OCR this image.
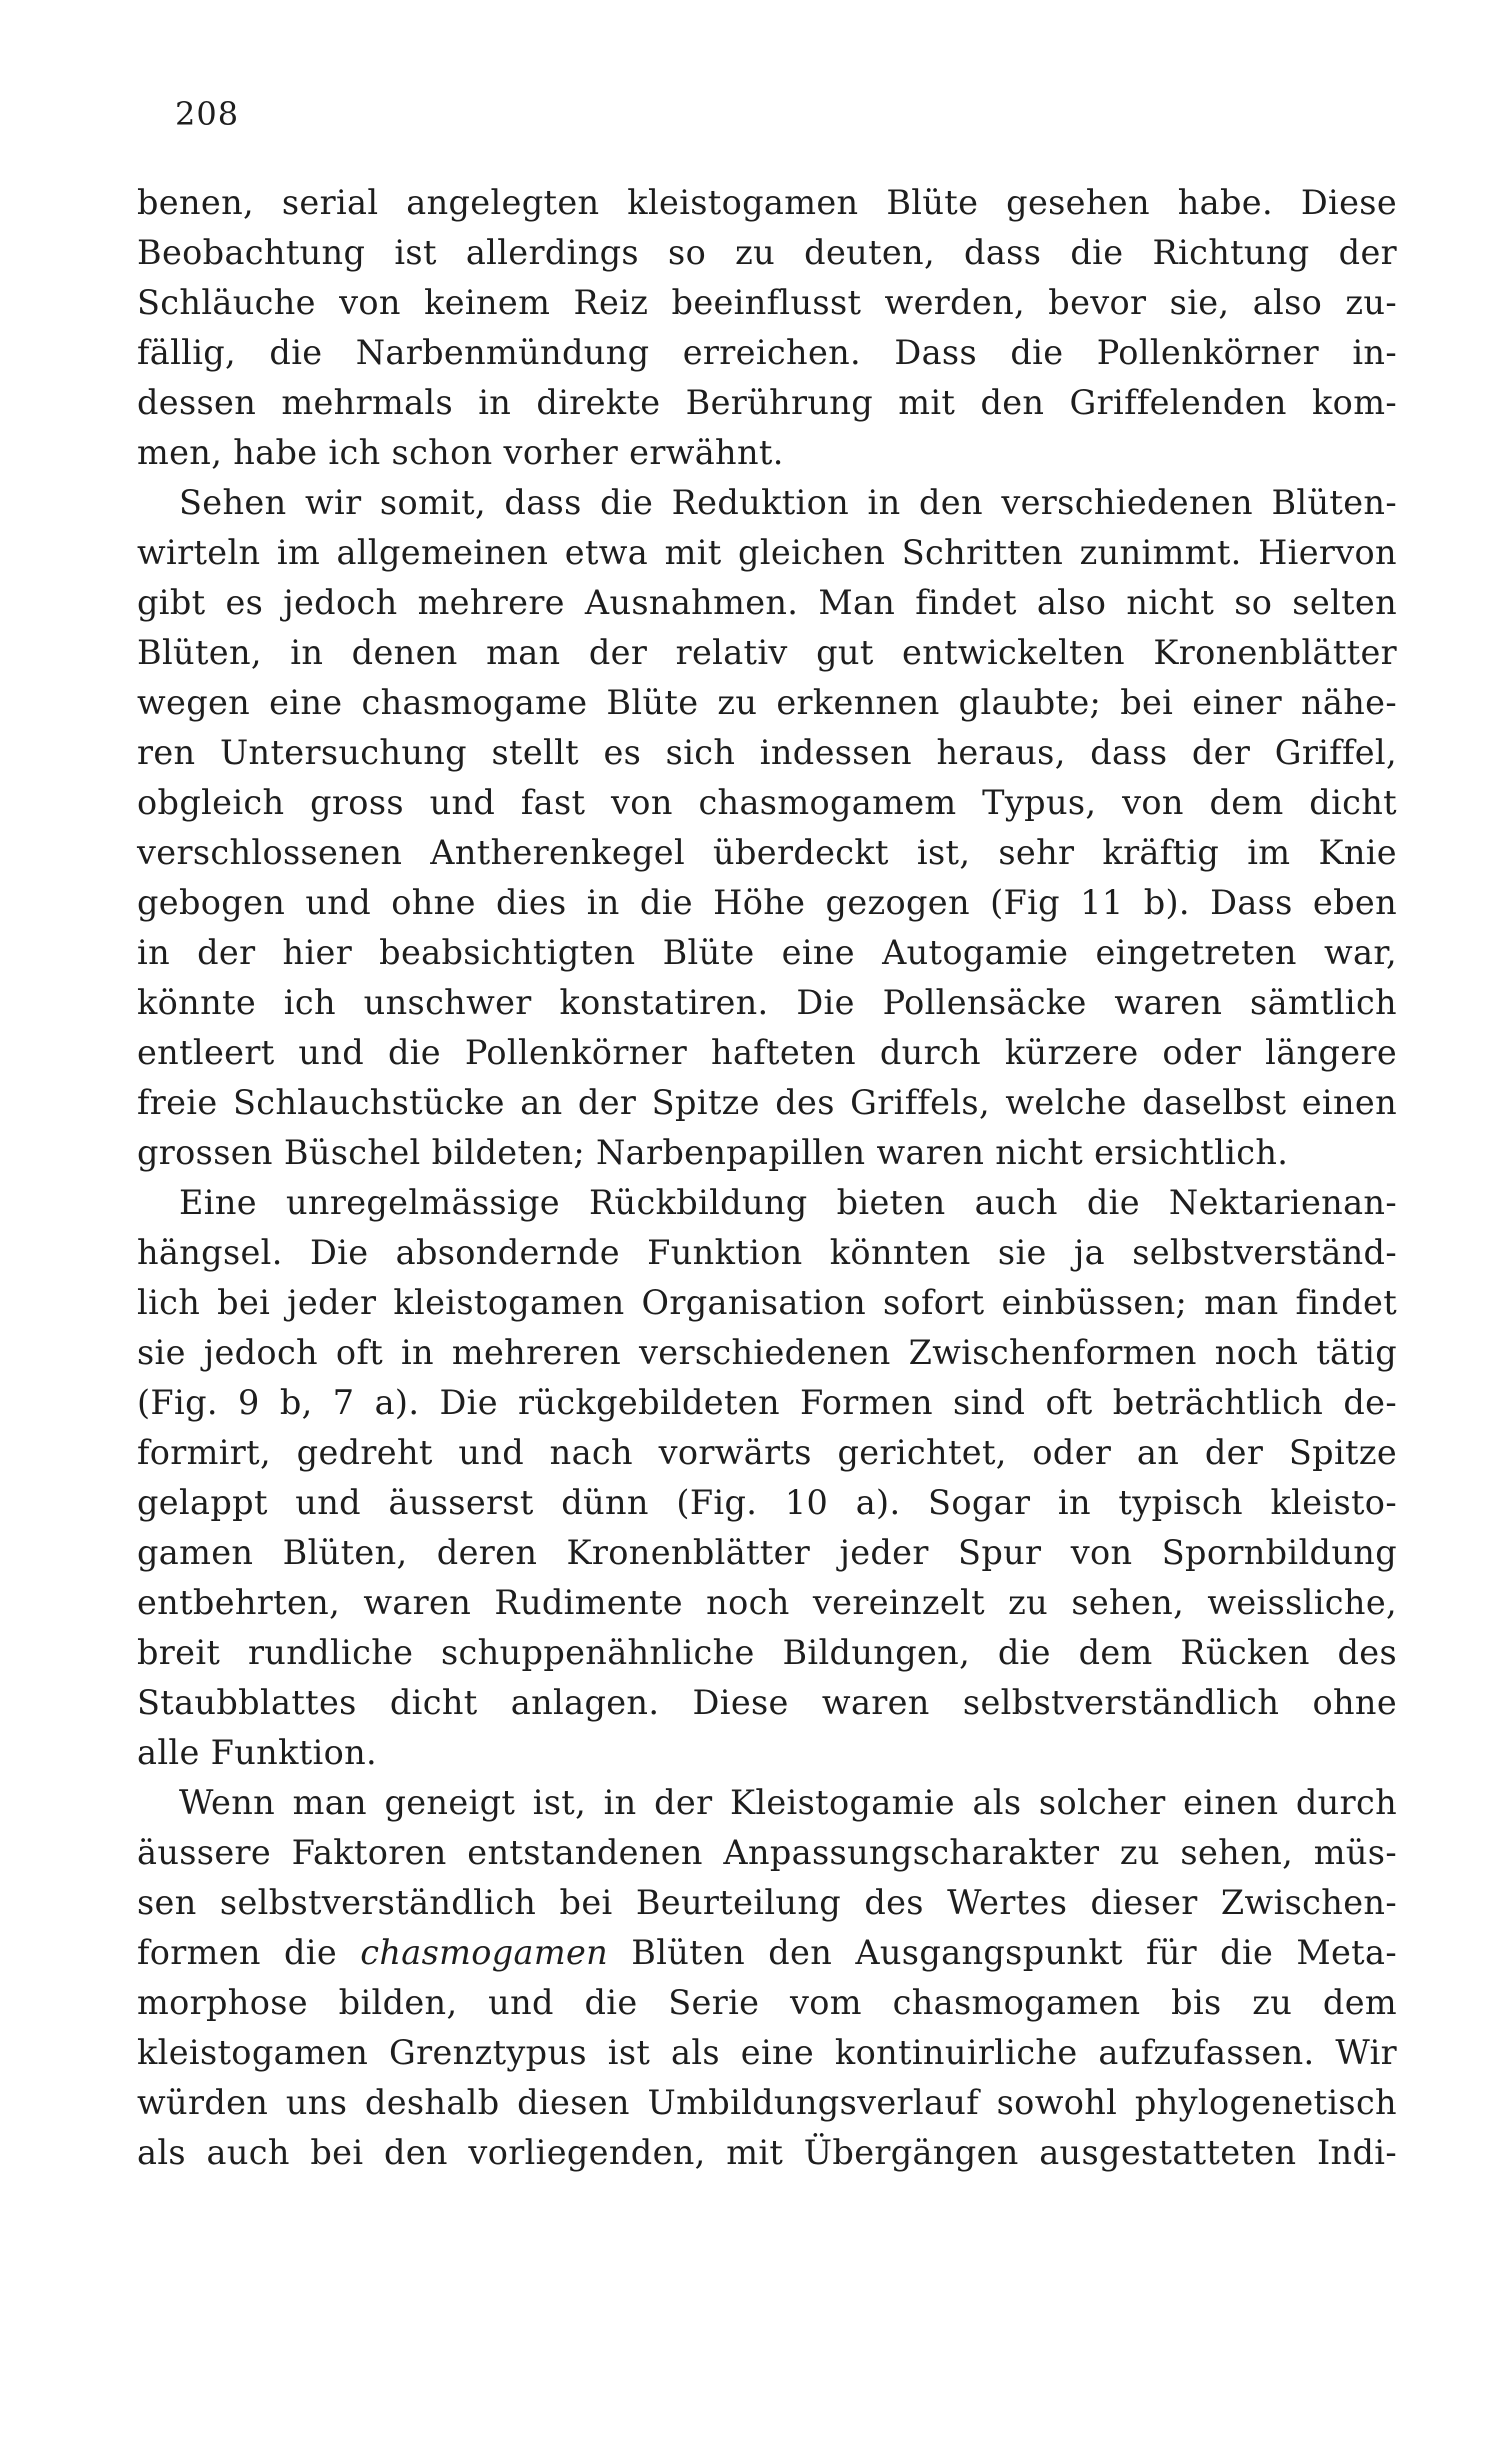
208
benen, serial angelegten kleistogamen Blüte gesehen habe. Diese
Beobachtung ist allerdings so zu deuten, dass die Richtung der
Schläuche von keinem Reiz beeinflusst werden, bevor sie, also zu-
fällig, die Narbenmündung erreichen. Dass die Pollenkörner in-
dessen mehrmals in direkte Berührung mit den Griffelenden kom-
men, habe ich schon vorher erwähnt.
Sehen wir somit, dass die Reduktion in den verschiedenen Blüten-
wirteln im allgemeinen etwa mit gleichen Schritten zunimmt. Hiervon
gibt es jedoch mehrere Ausnahmen. Man findet also nicht so selten
Blüten, in denen man der relativ gut entwickelten Kronenblätter
wegen eine chasmogame Blüte zu erkennen glaubte; bei einer nähe-
ren Untersuchung stellt es sich indessen heraus, dass der Griffel,
obgleich gross und fast von chasmogamem Typus, von dem dicht
verschlossenen Antherenkegel überdeckt ist, sehr kräftig im Knie
gebogen und ohne dies in die Höhe gezogen (Fig 11 b). Dass eben
in der hier beabsichtigten Blüte eine Autogamie eingetreten war,
könnte ich unschwer konstatiren. Die Pollensäcke waren sämtlich
entleert und die Pollenkörner hafteten durch kürzere oder längere
freie Schlauchstücke an der Spitze des Griffels, welche daselbst einen
grossen Büschel bildeten; Narbenpapillen waren nicht ersichtlich.
Eine unregelmässige Rückbildung bieten auch die Nektarienan-
hängsel. Die absondernde Funktion könnten sie ja selbstverständ-
lich bei jeder kleistogamen Organisation sofort einbüssen; man findet
sie jedoch oft in mehreren verschiedenen Zwischenformen noch tätig
(Fig. 9 b, 7 a). Die rückgebildeten Formen sind oft beträchtlich de-
formirt, gedreht und nach vorwärts gerichtet, oder an der Spitze
gelappt und äusserst dünn (Fig. 10 a). Sogar in typisch kleisto-
gamen Blüten, deren Kronenblätter jeder Spur von Spornbildung
entbehrten, waren Rudimente noch vereinzelt zu sehen, weissliche,
breit rundliche schuppenähnliche Bildungen, die dem Rücken des
Staubblattes dicht anlagen. Diese waren selbstverständlich ohne
alle Funktion.
Wenn man geneigt ist, in der Kleistogamie als solcher einen durch
äussere Faktoren entstandenen Anpassungscharakter zu sehen, müs-
sen selbstverständlich bei Beurteilung des Wertes dieser Zwischen-
formen die chasmogamen Blüten den Ausgangspunkt für die Meta-
morphose bilden, und die Serie vom chasmogamen bis zu dem
kleistogamen Grenztypus ist als eine kontinuirliche aufzufassen. Wir
würden uns deshalb diesen Umbildungsverlauf sowohl phylogenetisch
als auch bei den vorliegenden, mit Übergängen ausgestatteten Indi-
